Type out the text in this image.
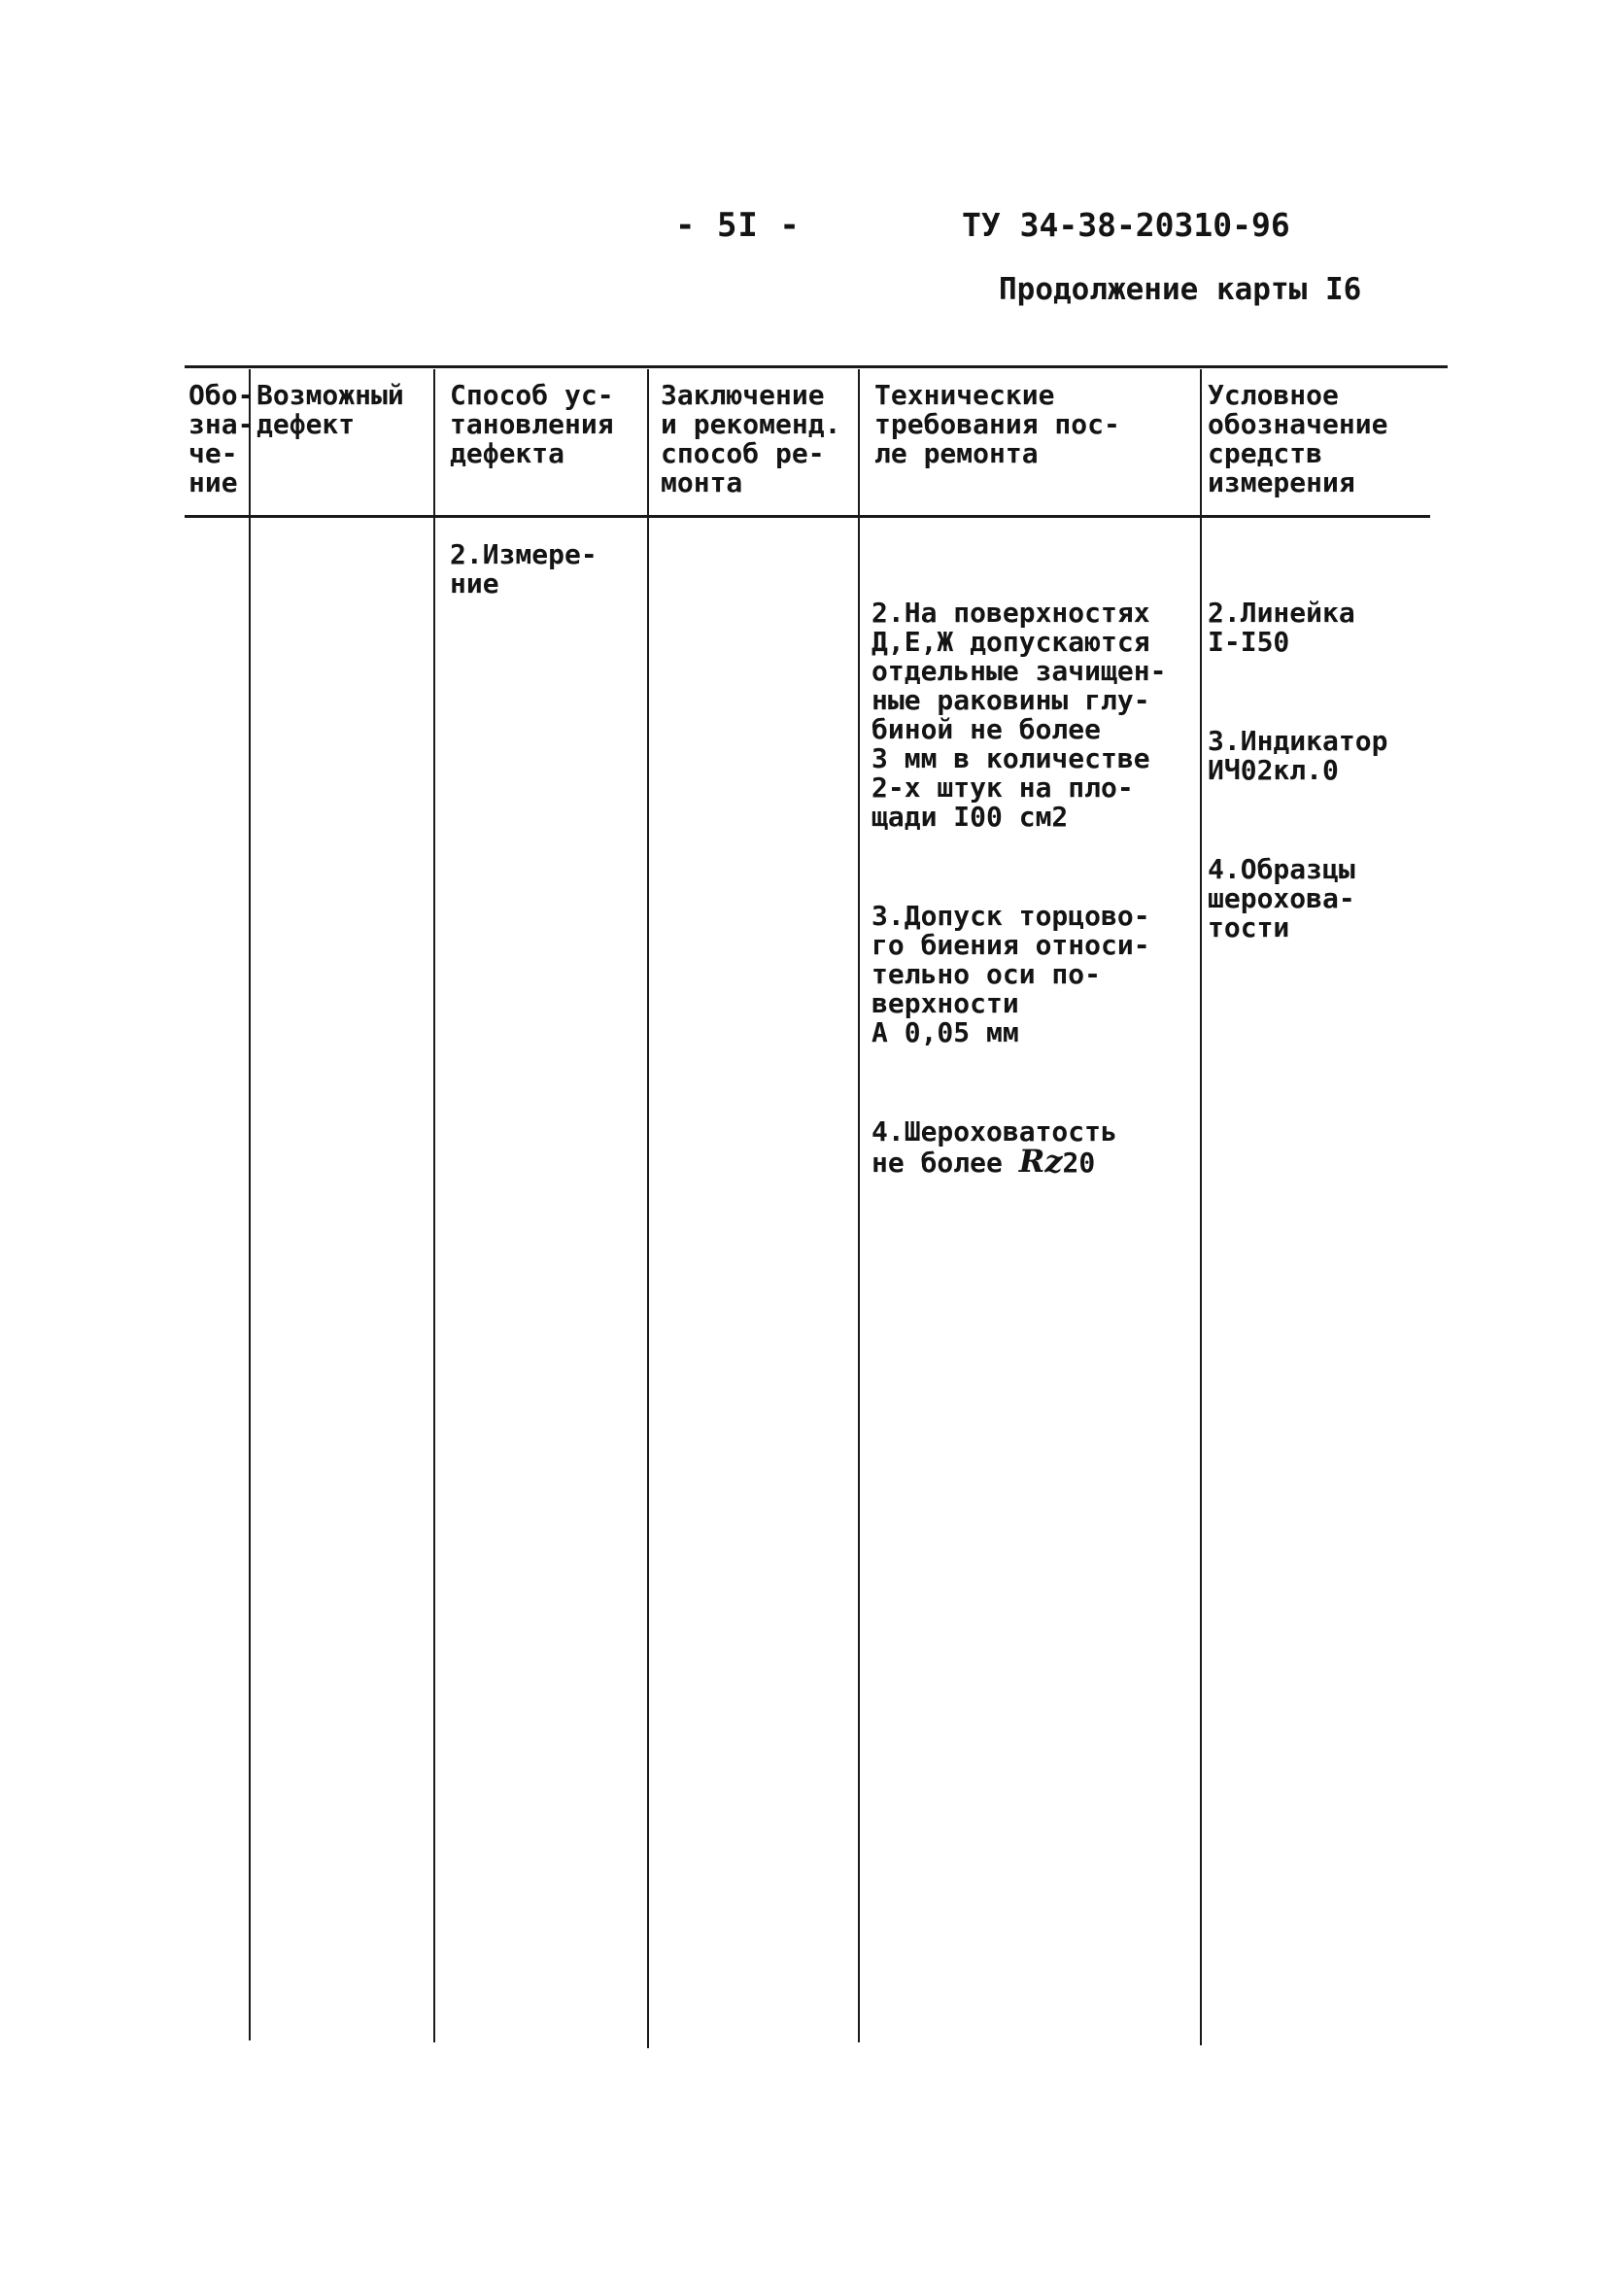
- 5I -	ТУ 34-38-20310-96
Продолжение карты I6
Обо-
зна-
че-
ние
Возможный
дефект
Способ ус-
тановления
дефекта
Заключение
и рекоменд.
способ ре-
монта
Технические
требования пос-
ле ремонта
Условное
обозначение
средств
измерения
2.Измере-
ние

2.На поверхностях
Д,Е,Ж допускаются
отдельные зачищен-
ные раковины глу-
биной не более
3 мм в количестве
2-х штук на пло-
щади I00 см2

3.Допуск торцово-
го биения относи-
тельно оси по-
верхности
А 0,05 мм

4.Шероховатость
не более Rz20

2.Линейка
I-I50

3.Индикатор
ИЧ02кл.0

4.Образцы
шерохова-
тости
